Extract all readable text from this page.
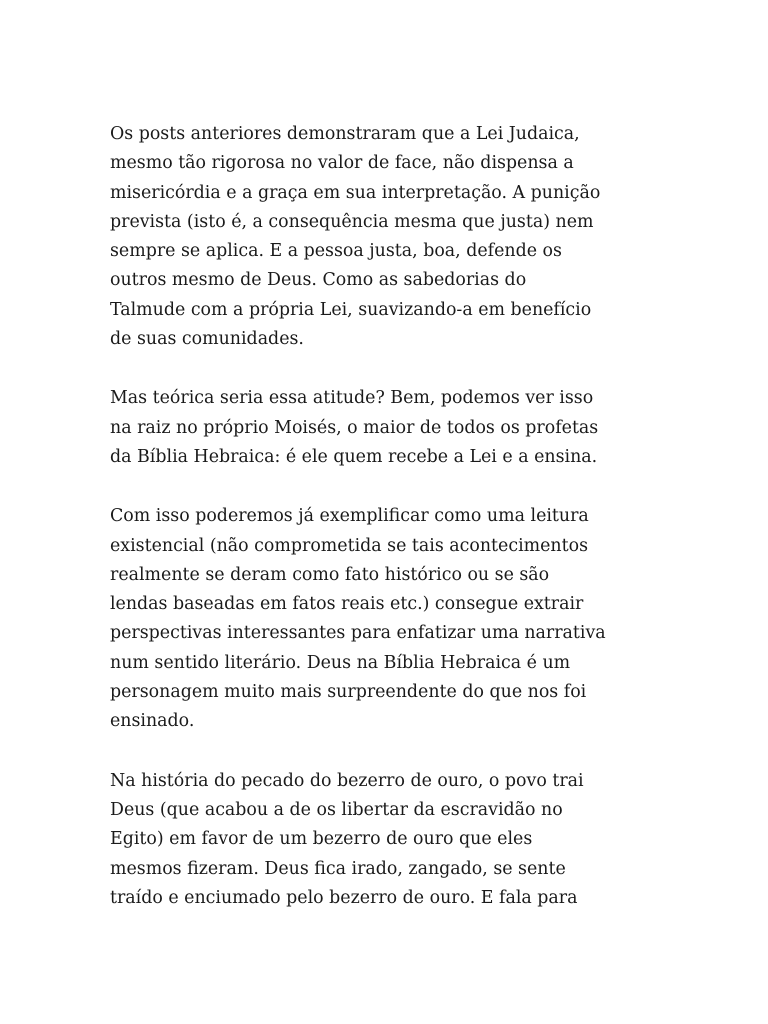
Os posts anteriores demonstraram que a Lei Judaica,
mesmo tão rigorosa no valor de face, não dispensa a
misericórdia e a graça em sua interpretação. A punição
prevista (isto é, a consequência mesma que justa) nem
sempre se aplica. E a pessoa justa, boa, defende os
outros mesmo de Deus. Como as sabedorias do
Talmude com a própria Lei, suavizando-a em benefício
de suas comunidades.

Mas teórica seria essa atitude? Bem, podemos ver isso
na raiz no próprio Moisés, o maior de todos os profetas
da Bíblia Hebraica: é ele quem recebe a Lei e a ensina.

Com isso poderemos já exemplificar como uma leitura
existencial (não comprometida se tais acontecimentos
realmente se deram como fato histórico ou se são
lendas baseadas em fatos reais etc.) consegue extrair
perspectivas interessantes para enfatizar uma narrativa
num sentido literário. Deus na Bíblia Hebraica é um
personagem muito mais surpreendente do que nos foi
ensinado.

Na história do pecado do bezerro de ouro, o povo trai
Deus (que acabou a de os libertar da escravidão no
Egito) em favor de um bezerro de ouro que eles
mesmos fizeram. Deus fica irado, zangado, se sente
traído e enciumado pelo bezerro de ouro. E fala para
